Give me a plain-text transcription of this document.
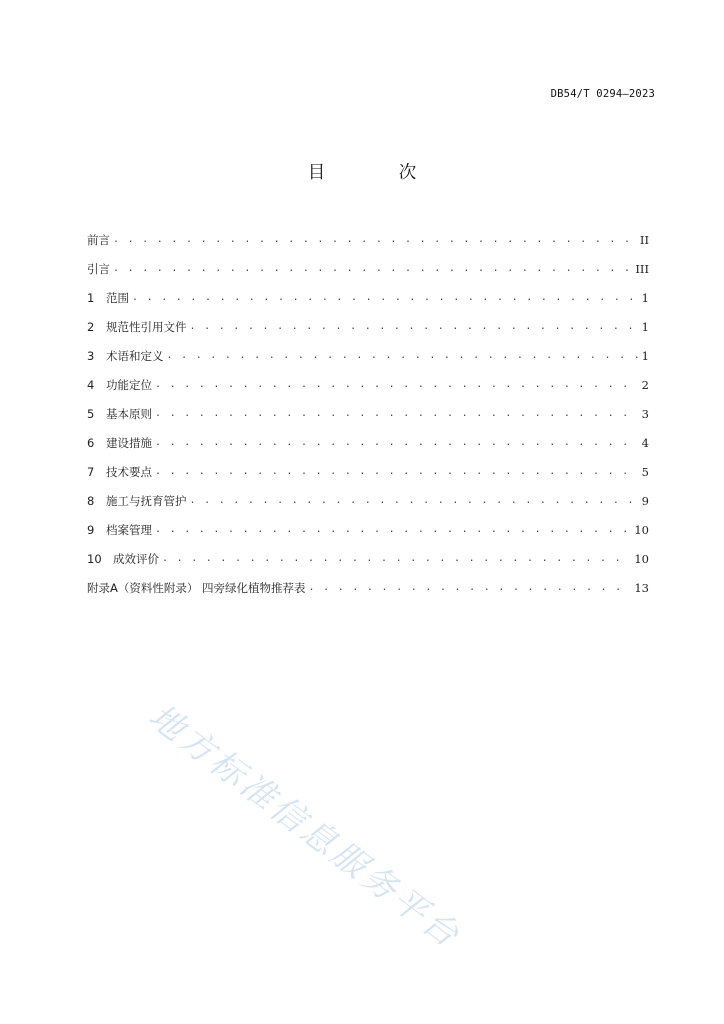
DB54/T 0294—2023
目 次
前言 . . .	II
引言 . . .	III
1 范围 . . .	1
2 规范性引用文件 . . .	1
3 术语和定义 . . .	1
4 功能定位 . . .	2
5 基本原则 . . .	3
6 建设措施 . . .	4
7 技术要点 . . .	5
8 施工与抚育管护 . . .	9
9 档案管理 . . .	10
10 成效评价 . . .	10
附录A（资料性附录） 四旁绿化植物推荐表 . . .	13
地方标准信息服务平台
